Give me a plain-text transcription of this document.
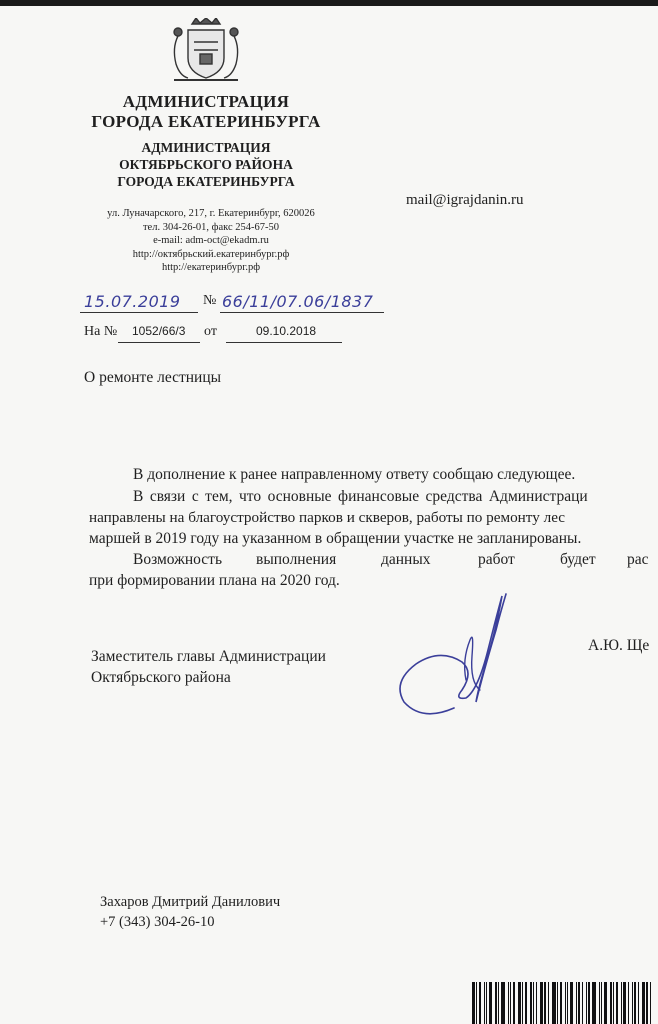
АДМИНИСТРАЦИЯ
ГОРОДА ЕКАТЕРИНБУРГА
АДМИНИСТРАЦИЯ
ОКТЯБРЬСКОГО РАЙОНА
ГОРОДА ЕКАТЕРИНБУРГА
ул. Луначарского, 217, г. Екатеринбург, 620026
тел. 304-26-01, факс 254-67-50
e-mail: adm-oct@ekadm.ru
http://октябрьский.екатеринбург.рф
http://екатеринбург.рф
mail@igrajdanin.ru
15.07.2019 № 66/11/07.06/1837
На № 1052/66/3 от	09.10.2018
О ремонте лестницы
В дополнение к ранее направленному ответу сообщаю следующее.
В связи с тем, что основные финансовые средства Администраци
направлены на благоустройство парков и скверов, работы по ремонту лес
маршей в 2019 году на указанном в обращении участке не запланированы.
Возможность выполнения	данных	работ	будет рас
при формировании плана на 2020 год.
Заместитель главы Администрации
Октябрьского района
А.Ю. Ще
Захаров Дмитрий Данилович
+7 (343) 304-26-10
